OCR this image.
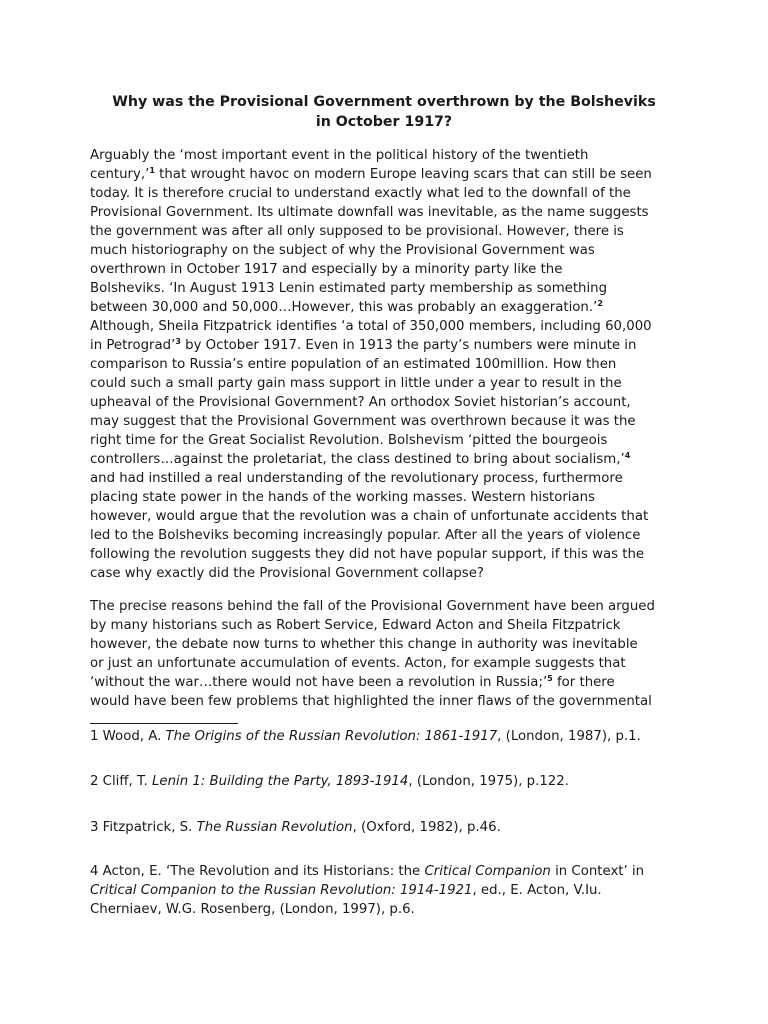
Why was the Provisional Government overthrown by the Bolsheviks
in October 1917?

Arguably the ‘most important event in the political history of the twentieth
century,’$^1$ that wrought havoc on modern Europe leaving scars that can still be seen
today. It is therefore crucial to understand exactly what led to the downfall of the
Provisional Government. Its ultimate downfall was inevitable, as the name suggests
the government was after all only supposed to be provisional. However, there is
much historiography on the subject of why the Provisional Government was
overthrown in October 1917 and especially by a minority party like the
Bolsheviks. ‘In August 1913 Lenin estimated party membership as something
between 30,000 and 50,000…However, this was probably an exaggeration.’$^2$
Although, Sheila Fitzpatrick identifies ‘a total of 350,000 members, including 60,000
in Petrograd’$^3$ by October 1917. Even in 1913 the party’s numbers were minute in
comparison to Russia’s entire population of an estimated 100million. How then
could such a small party gain mass support in little under a year to result in the
upheaval of the Provisional Government? An orthodox Soviet historian’s account,
may suggest that the Provisional Government was overthrown because it was the
right time for the Great Socialist Revolution. Bolshevism ‘pitted the bourgeois
controllers…against the proletariat, the class destined to bring about socialism,’$^4$
and had instilled a real understanding of the revolutionary process, furthermore
placing state power in the hands of the working masses. Western historians
however, would argue that the revolution was a chain of unfortunate accidents that
led to the Bolsheviks becoming increasingly popular. After all the years of violence
following the revolution suggests they did not have popular support, if this was the
case why exactly did the Provisional Government collapse?

The precise reasons behind the fall of the Provisional Government have been argued
by many historians such as Robert Service, Edward Acton and Sheila Fitzpatrick
however, the debate now turns to whether this change in authority was inevitable
or just an unfortunate accumulation of events. Acton, for example suggests that
‘without the war…there would not have been a revolution in Russia;’$^5$ for there
would have been few problems that highlighted the inner flaws of the governmental

1 Wood, A. The Origins of the Russian Revolution: 1861-1917, (London, 1987), p.1.

2 Cliff, T. Lenin 1: Building the Party, 1893-1914, (London, 1975), p.122.

3 Fitzpatrick, S. The Russian Revolution, (Oxford, 1982), p.46.

4 Acton, E. ‘The Revolution and its Historians: the Critical Companion in Context’ in
Critical Companion to the Russian Revolution: 1914-1921, ed., E. Acton, V.Iu.
Cherniaev, W.G. Rosenberg, (London, 1997), p.6.
